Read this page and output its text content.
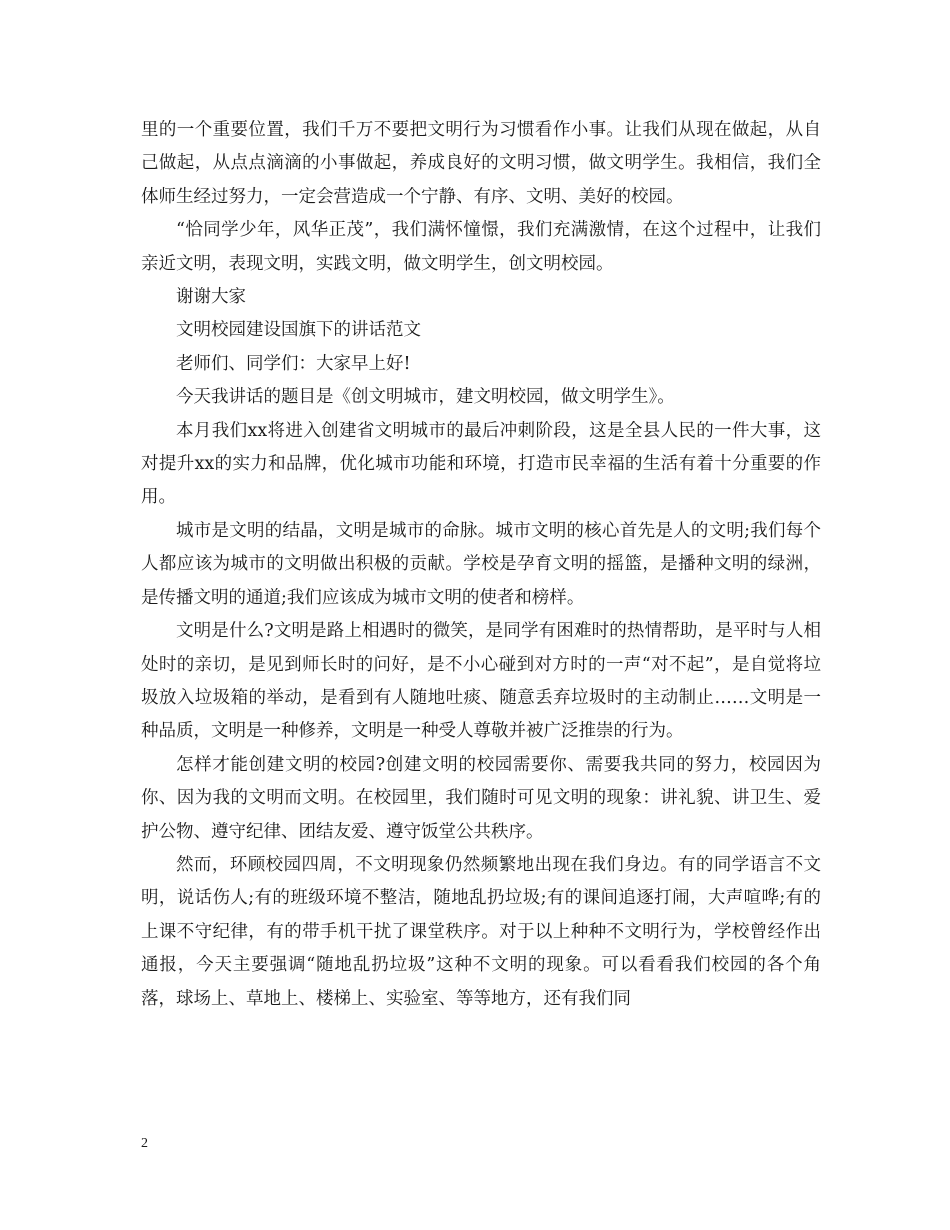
里的一个重要位置，我们千万不要把文明行为习惯看作小事。让我们从现在做起，从自己做起，从点点滴滴的小事做起，养成良好的文明习惯，做文明学生。我相信，我们全体师生经过努力，一定会营造成一个宁静、有序、文明、美好的校园。

“恰同学少年，风华正茂”，我们满怀憧憬，我们充满激情，在这个过程中，让我们亲近文明，表现文明，实践文明，做文明学生，创文明校园。

谢谢大家

文明校园建设国旗下的讲话范文

老师们、同学们：大家早上好!

今天我讲话的题目是《创文明城市，建文明校园，做文明学生》。

本月我们xx将进入创建省文明城市的最后冲刺阶段，这是全县人民的一件大事，这对提升xx的实力和品牌，优化城市功能和环境，打造市民幸福的生活有着十分重要的作用。

城市是文明的结晶，文明是城市的命脉。城市文明的核心首先是人的文明;我们每个人都应该为城市的文明做出积极的贡献。学校是孕育文明的摇篮，是播种文明的绿洲，是传播文明的通道;我们应该成为城市文明的使者和榜样。

文明是什么?文明是路上相遇时的微笑，是同学有困难时的热情帮助，是平时与人相处时的亲切，是见到师长时的问好，是不小心碰到对方时的一声“对不起”，是自觉将垃圾放入垃圾箱的举动，是看到有人随地吐痰、随意丢弃垃圾时的主动制止……文明是一种品质，文明是一种修养，文明是一种受人尊敬并被广泛推崇的行为。

怎样才能创建文明的校园?创建文明的校园需要你、需要我共同的努力，校园因为你、因为我的文明而文明。在校园里，我们随时可见文明的现象：讲礼貌、讲卫生、爱护公物、遵守纪律、团结友爱、遵守饭堂公共秩序。

然而，环顾校园四周，不文明现象仍然频繁地出现在我们身边。有的同学语言不文明，说话伤人;有的班级环境不整洁，随地乱扔垃圾;有的课间追逐打闹，大声喧哗;有的上课不守纪律，有的带手机干扰了课堂秩序。对于以上种种不文明行为，学校曾经作出通报，今天主要强调“随地乱扔垃圾”这种不文明的现象。可以看看我们校园的各个角落，球场上、草地上、楼梯上、实验室、等等地方，还有我们同

2
